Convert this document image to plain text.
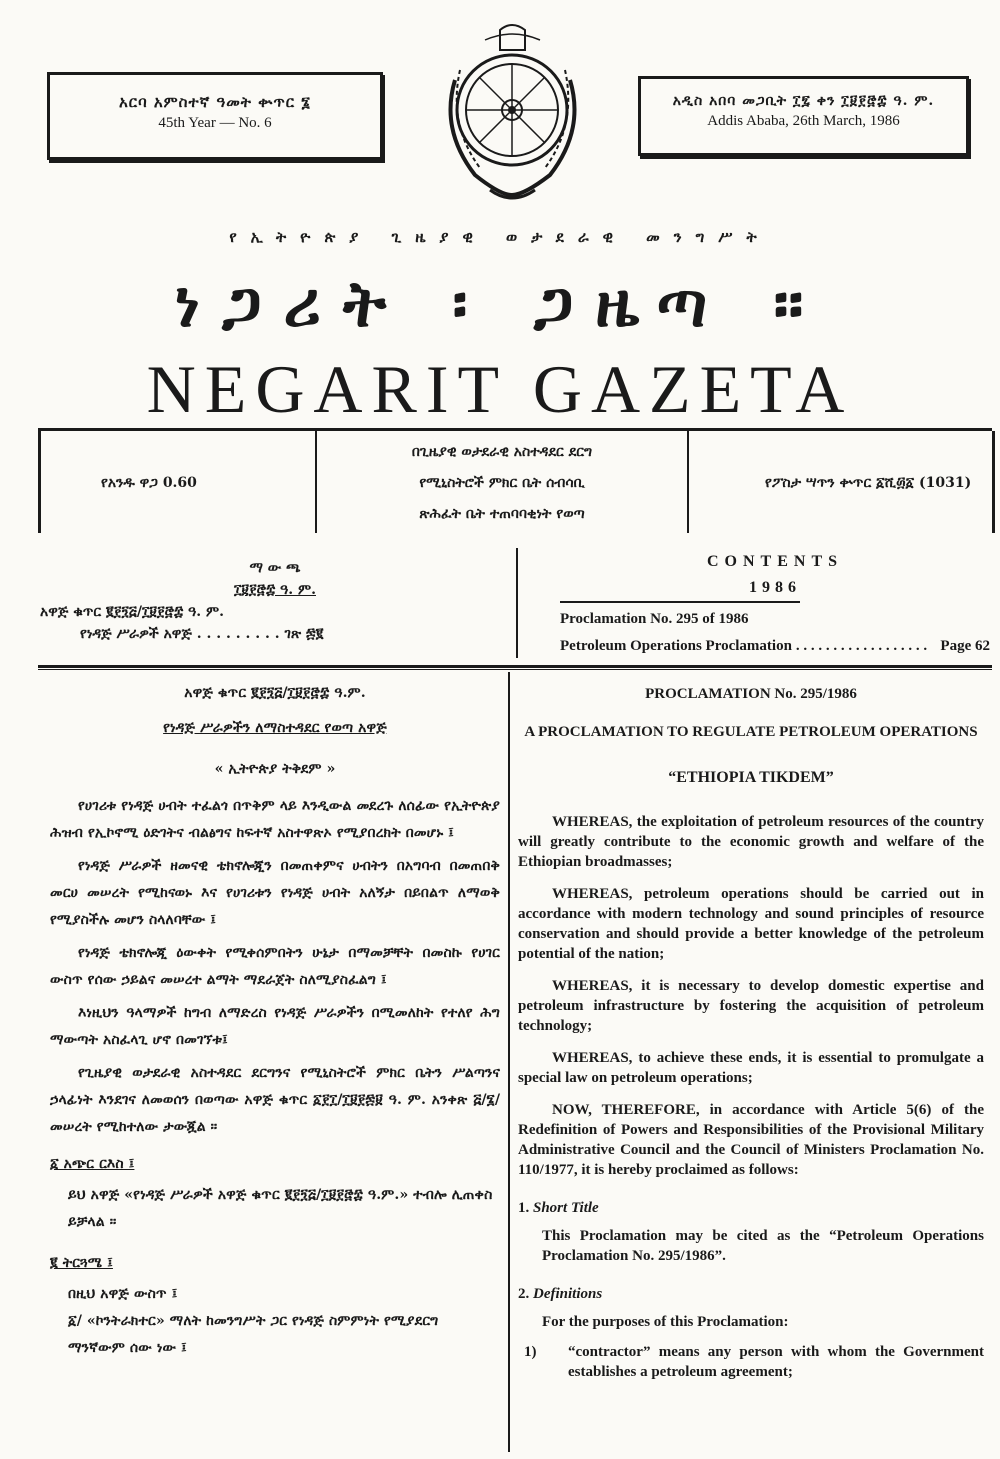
አርባ አምስተኛ ዓመት ቍጥር ፮
45th Year — No. 6
አዲስ አበባ መጋቢት ፲፯ ቀን ፲፱፻፸፰ ዓ. ም.
Addis Ababa, 26th March, 1986
የኢትዮጵያ ጊዜያዊ ወታደራዊ መንግሥት
ነጋሪት ፡ ጋዜጣ ።
NEGARIT GAZETA
የአንዱ ዋጋ 0.60
በጊዜያዊ ወታደራዊ አስተዳደር ደርግ
የሚኒስትሮች ምክር ቤት ሰብሳቢ
ጽሕፈት ቤት ተጠባባቂነት የወጣ
የፖስታ ሣጥን ቍጥር ፩ሺ፴፩ (1031)
ማ ው ጫ
፲፱፻፸፰ ዓ. ም.
አዋጅ ቁጥር ፪፻፺፭/፲፱፻፸፰ ዓ. ም.
የነዳጅ ሥራዎች አዋጅ . . . . . . . . . ገጽ ፷፪
CONTENTS
1986
Proclamation No. 295 of 1986
Petroleum Operations Proclamation . . . . . . . . . . . . . . . . . . Page 62
አዋጅ ቁጥር ፪፻፺፭/፲፱፻፸፰ ዓ.ም.
የነዳጅ ሥራዎችን ለማስተዳደር የወጣ አዋጅ
« ኢትዮጵያ ትቅደም »

የሀገሪቱ የነዳጅ ሀብት ተፈልጎ በጥቅም ላይ እንዲውል መደረጉ ለሰፊው የኢትዮጵያ ሕዝብ የኢኮኖሚ ዕድገትና ብልፅግና ከፍተኛ አስተዋጽኦ የሚያበረክት በመሆኑ ፤

የነዳጅ ሥራዎች ዘመናዊ ቴክኖሎጂን በመጠቀምና ሀብትን በአግባብ በመጠበቅ መርሀ መሠረት የሚከናወኑ እና የሀገሪቱን የነዳጅ ሀብት አለኝታ በይበልጥ ለማወቅ የሚያስችሉ መሆን ስላለባቸው ፤

የነዳጅ ቴክኖሎጂ ዕውቀት የሚቀሰምበትን ሁኔታ በማመቻቸት በመስኩ የሀገር ውስጥ የሰው ኃይልና መሠረተ ልማት ማደራጀት ስለሚያስፈልግ ፤

እነዚህን ዓላማዎች ከግብ ለማድረስ የነዳጅ ሥራዎችን በሚመለከት የተለየ ሕግ ማውጣት አስፈላጊ ሆኖ በመገኘቱ፤

የጊዜያዊ ወታደራዊ አስተዳደር ደርግንና የሚኒስትሮች ምክር ቤትን ሥልጣንና ኃላፊነት እንደገና ለመወሰን በወጣው አዋጅ ቁጥር ፩፻፲/፲፱፻፷፱ ዓ. ም. አንቀጽ ፭/፮/ መሠረት የሚከተለው ታውጇል ።

፩ አጭር ርእስ ፤
ይህ አዋጅ «የነዳጅ ሥራዎች አዋጅ ቁጥር ፪፻፺፭/፲፱፻፸፰ ዓ.ም.» ተብሎ ሊጠቀስ ይቻላል ።
፪ ትርጓሜ ፤
በዚህ አዋጅ ውስጥ ፤
፩/ «ኮንትራክተር» ማለት ከመንግሥት ጋር የነዳጅ ስምምነት የሚያደርግ ማንኛውም ሰው ነው ፤
PROCLAMATION No. 295/1986
A PROCLAMATION TO REGULATE PETROLEUM OPERATIONS
“ETHIOPIA TIKDEM”

WHEREAS, the exploitation of petroleum resources of the country will greatly contribute to the economic growth and welfare of the Ethiopian broadmasses;

WHEREAS, petroleum operations should be carried out in accordance with modern technology and sound principles of resource conservation and should provide a better knowledge of the petroleum potential of the nation;

WHEREAS, it is necessary to develop domestic expertise and petroleum infrastructure by fostering the acquisition of petroleum technology;

WHEREAS, to achieve these ends, it is essential to promulgate a special law on petroleum operations;

NOW, THEREFORE, in accordance with Article 5(6) of the Redefinition of Powers and Responsibilities of the Provisional Military Administrative Council and the Council of Ministers Proclamation No. 110/1977, it is hereby proclaimed as follows:

1. Short Title
This Proclamation may be cited as the “Petroleum Operations Proclamation No. 295/1986”.
2. Definitions
For the purposes of this Proclamation:
1)	“contractor” means any person with whom the Government establishes a petroleum agreement;
